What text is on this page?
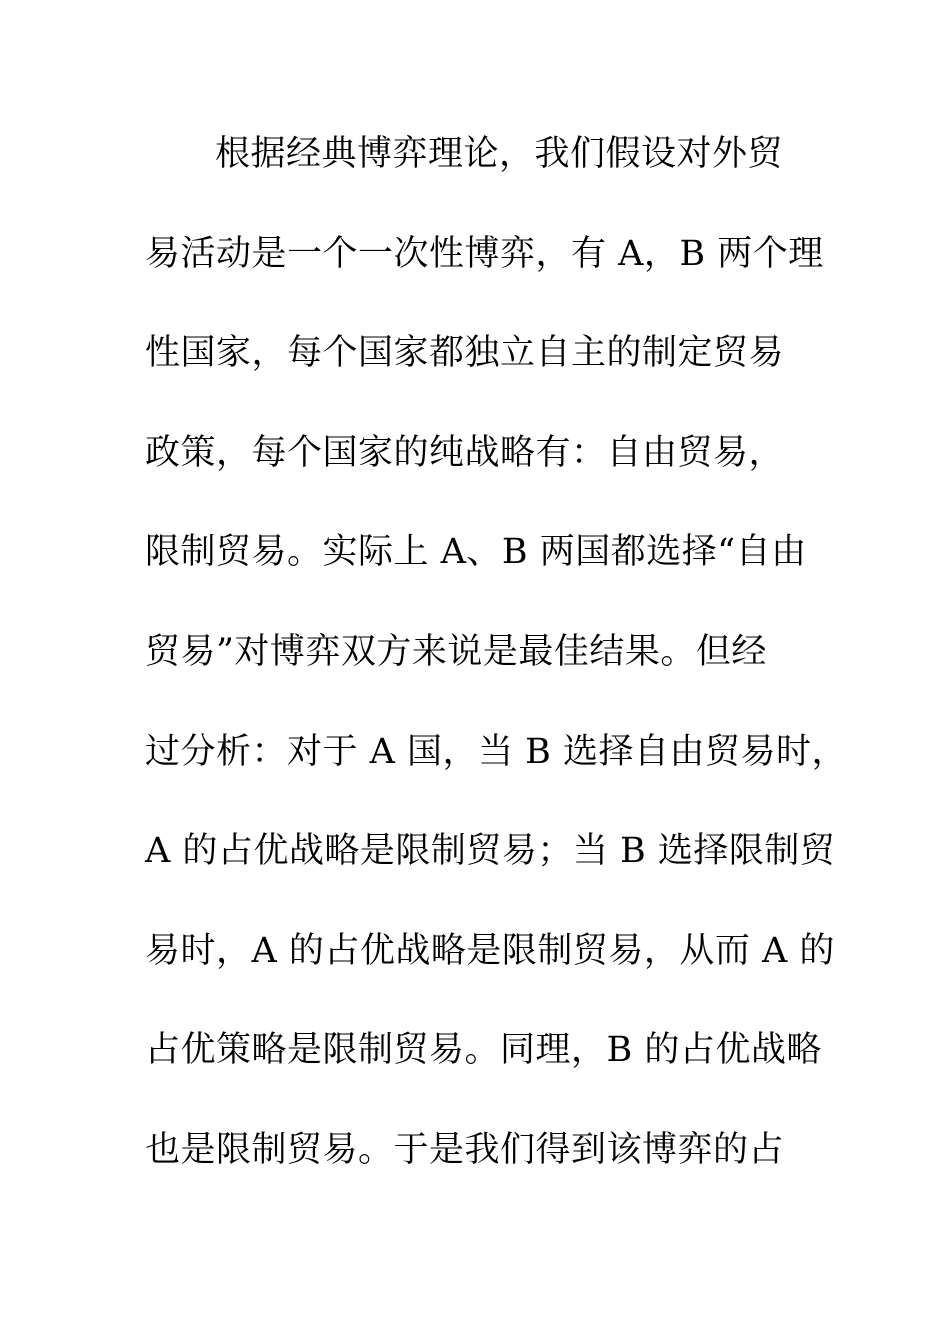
根据经典博弈理论，我们假设对外贸
易活动是一个一次性博弈，有 A，B 两个理
性国家，每个国家都独立自主的制定贸易
政策，每个国家的纯战略有：自由贸易，
限制贸易。实际上 A、B 两国都选择“自由
贸易”对博弈双方来说是最佳结果。但经
过分析：对于 A 国，当 B 选择自由贸易时，
A 的占优战略是限制贸易；当 B 选择限制贸
易时，A 的占优战略是限制贸易，从而 A 的
占优策略是限制贸易。同理，B 的占优战略
也是限制贸易。于是我们得到该博弈的占
